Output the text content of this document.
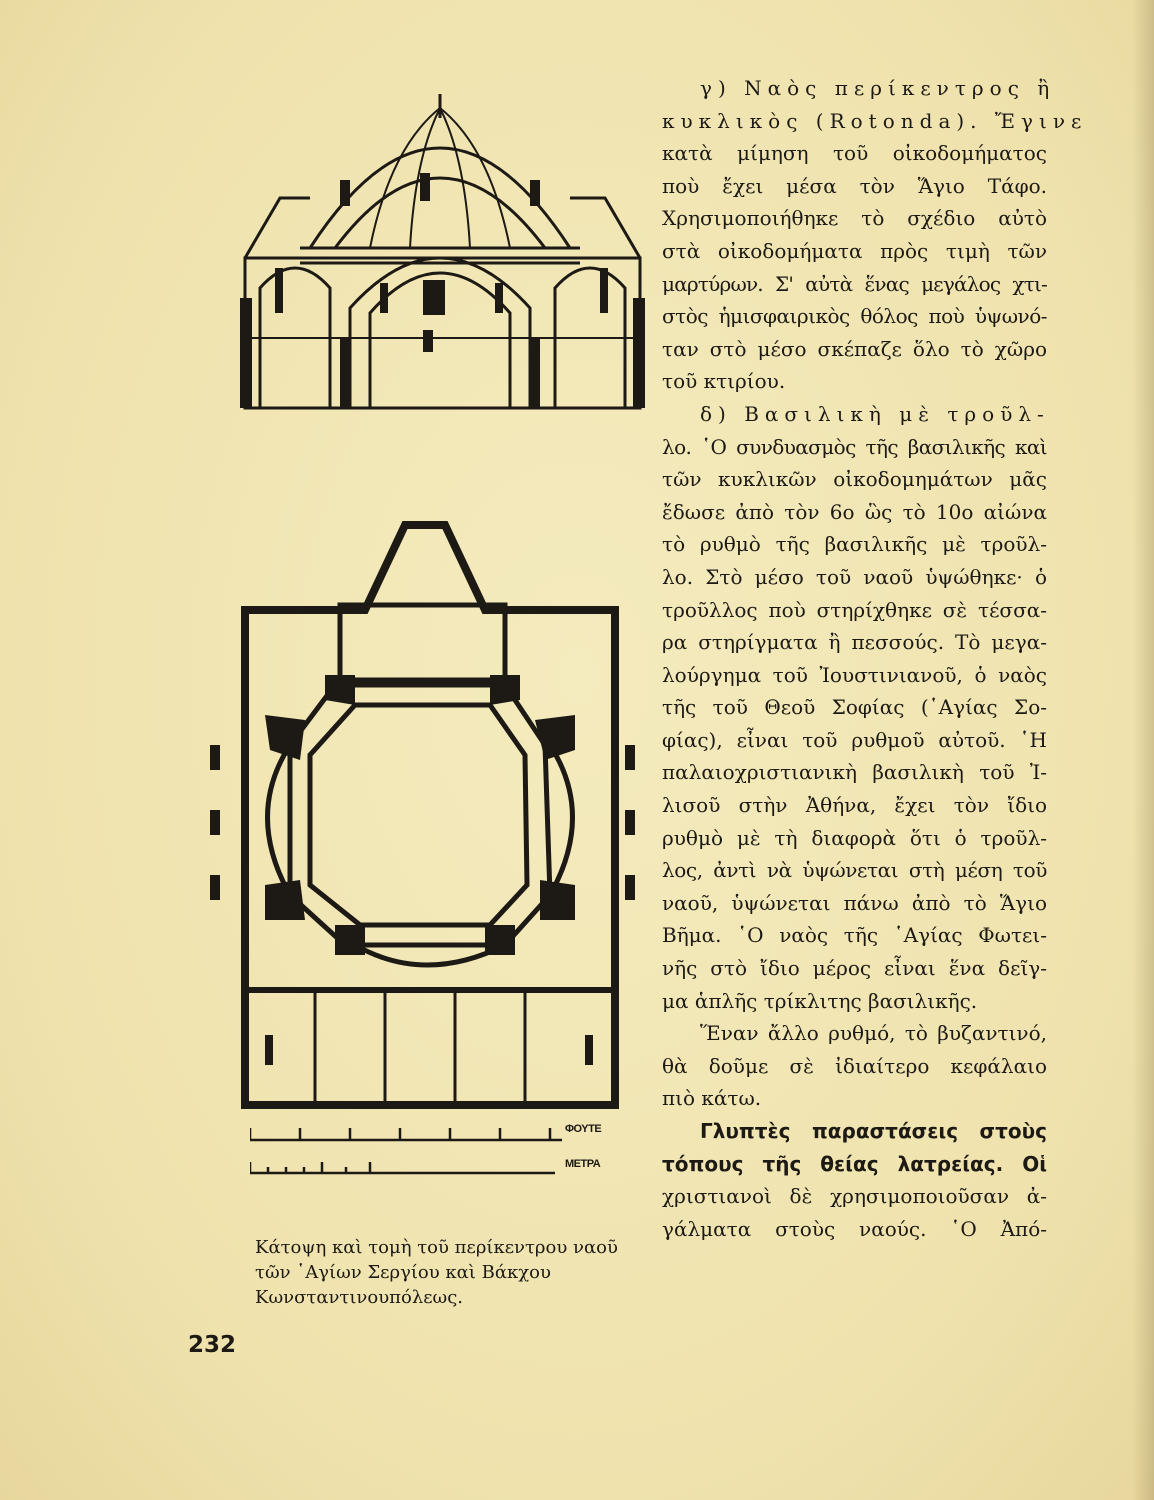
ΦΟΥΤΕ
ΜΕΤΡΑ
Κάτοψη καὶ τομὴ τοῦ περίκεντρου ναοῦ τῶν ῾Αγίων Σεργίου καὶ Βάκχου Κωνσταντινουπόλεως.
232
γ) Ναὸς περίκεντρος ἢ
κυκλικὸς (Rotonda). Ἔγινε
κατὰ μίμηση τοῦ οἰκοδομήματος
ποὺ ἔχει μέσα τὸν Ἅγιο Τάφο.
Χρησιμοποιήθηκε τὸ σχέδιο αὐτὸ
στὰ οἰκοδομήματα πρὸς τιμὴ τῶν
μαρτύρων. Σ' αὐτὰ ἕνας μεγάλος χτι-
στὸς ἡμισφαιρικὸς θόλος ποὺ ὑψωνό-
ταν στὸ μέσο σκέπαζε ὅλο τὸ χῶρο
τοῦ κτιρίου.
δ) Βασιλικὴ μὲ τροῦλ-
λο. ῾Ο συνδυασμὸς τῆς βασιλικῆς καὶ
τῶν κυκλικῶν οἰκοδομημάτων μᾶς
ἔδωσε ἀπὸ τὸν 6ο ὣς τὸ 10ο αἰώνα
τὸ ρυθμὸ τῆς βασιλικῆς μὲ τροῦλ-
λο. Στὸ μέσο τοῦ ναοῦ ὑψώθηκε· ὁ
τροῦλλος ποὺ στηρίχθηκε σὲ τέσσα-
ρα στηρίγματα ἢ πεσσούς. Τὸ μεγα-
λούργημα τοῦ Ἰουστινιανοῦ, ὁ ναὸς
τῆς τοῦ Θεοῦ Σοφίας (῾Αγίας Σο-
φίας), εἶναι τοῦ ρυθμοῦ αὐτοῦ. ῾Η
παλαιοχριστιανικὴ βασιλικὴ τοῦ Ἰ-
λισοῦ στὴν Ἀθήνα, ἔχει τὸν ἴδιο
ρυθμὸ μὲ τὴ διαφορὰ ὅτι ὁ τροῦλ-
λος, ἀντὶ νὰ ὑψώνεται στὴ μέση τοῦ
ναοῦ, ὑψώνεται πάνω ἀπὸ τὸ Ἅγιο
Βῆμα. ῾Ο ναὸς τῆς ῾Αγίας Φωτει-
νῆς στὸ ἴδιο μέρος εἶναι ἕνα δεῖγ-
μα ἁπλῆς τρίκλιτης βασιλικῆς.
Ἕναν ἄλλο ρυθμό, τὸ βυζαντινό,
θὰ δοῦμε σὲ ἰδιαίτερο κεφάλαιο
πιὸ κάτω.
Γλυπτὲς παραστάσεις στοὺς
τόπους τῆς θείας λατρείας. Οἱ
χριστιανοὶ δὲ χρησιμοποιοῦσαν ἀ-
γάλματα στοὺς ναούς. ῾Ο Ἀπό-
